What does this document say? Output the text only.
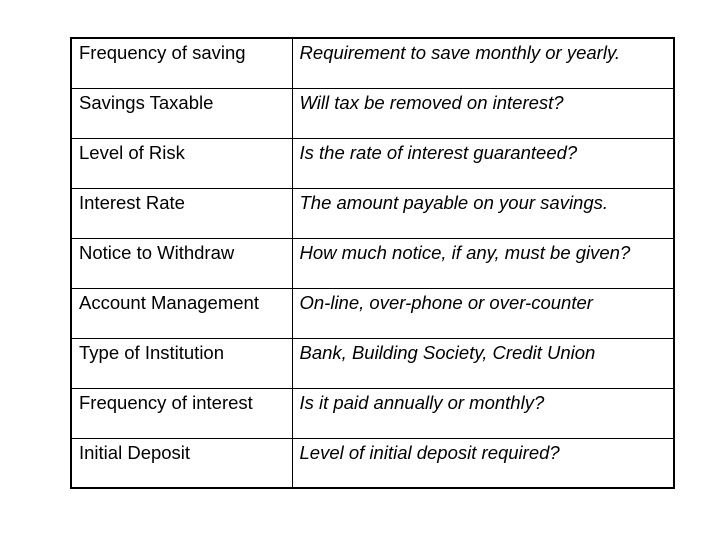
Frequency of saving	Requirement to save monthly or yearly.
Savings Taxable	Will tax be removed on interest?
Level of Risk	Is the rate of interest guaranteed?
Interest Rate	The amount payable on your savings.
Notice to Withdraw	How much notice, if any, must be given?
Account Management	On-line, over-phone or over-counter
Type of Institution	Bank, Building Society, Credit Union
Frequency of interest	Is it paid annually or monthly?
Initial Deposit	Level of initial deposit required?
